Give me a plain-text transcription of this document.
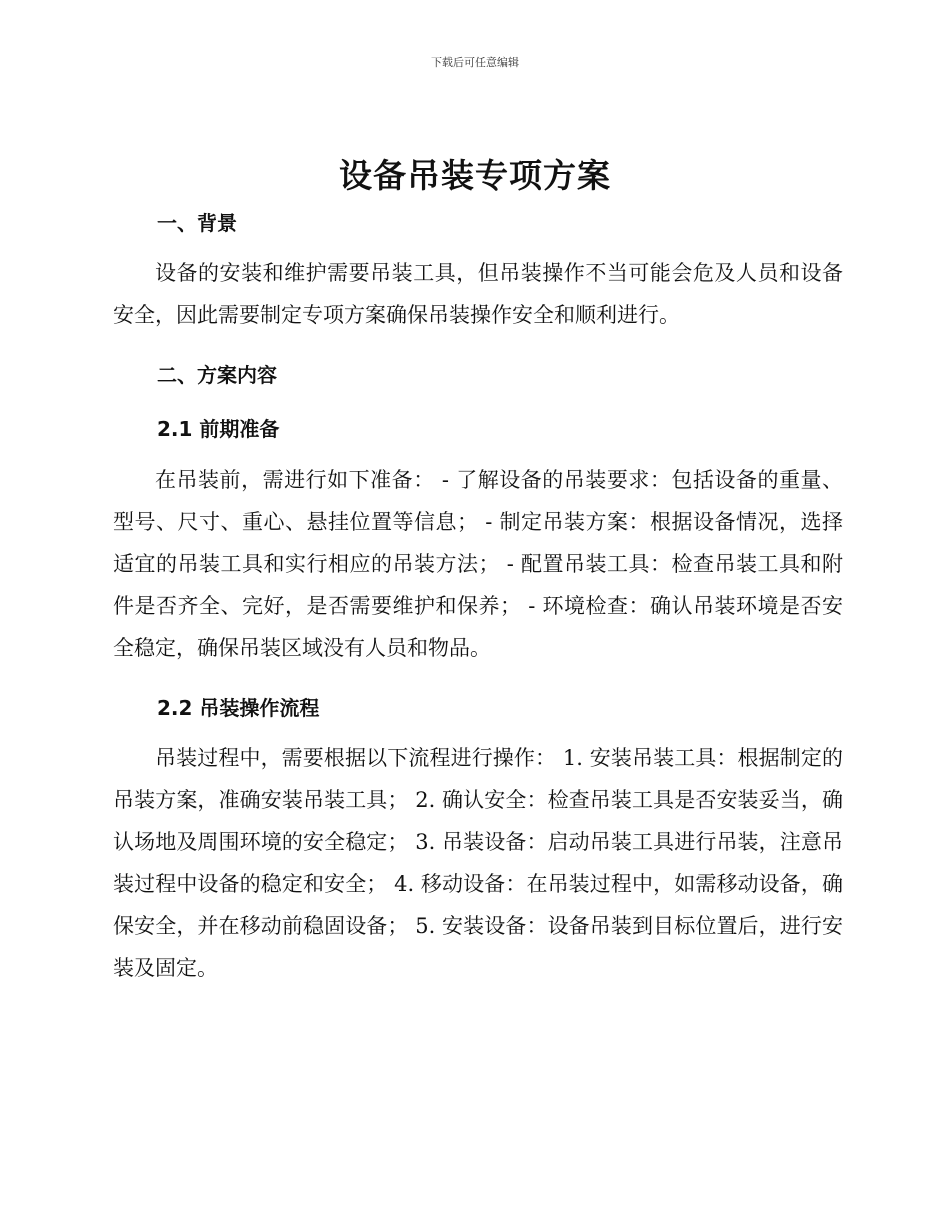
下载后可任意编辑
设备吊装专项方案
一、背景

设备的安装和维护需要吊装工具，但吊装操作不当可能会危及人员和设备安全，因此需要制定专项方案确保吊装操作安全和顺利进行。

二、方案内容
2.1 前期准备

在吊装前，需进行如下准备： - 了解设备的吊装要求：包括设备的重量、型号、尺寸、重心、悬挂位置等信息； - 制定吊装方案：根据设备情况，选择适宜的吊装工具和实行相应的吊装方法； - 配置吊装工具：检查吊装工具和附件是否齐全、完好，是否需要维护和保养； - 环境检查：确认吊装环境是否安全稳定，确保吊装区域没有人员和物品。

2.2 吊装操作流程

吊装过程中，需要根据以下流程进行操作： 1. 安装吊装工具：根据制定的吊装方案，准确安装吊装工具； 2. 确认安全：检查吊装工具是否安装妥当，确认场地及周围环境的安全稳定； 3. 吊装设备：启动吊装工具进行吊装，注意吊装过程中设备的稳定和安全； 4. 移动设备：在吊装过程中，如需移动设备，确保安全，并在移动前稳固设备； 5. 安装设备：设备吊装到目标位置后，进行安装及固定。
